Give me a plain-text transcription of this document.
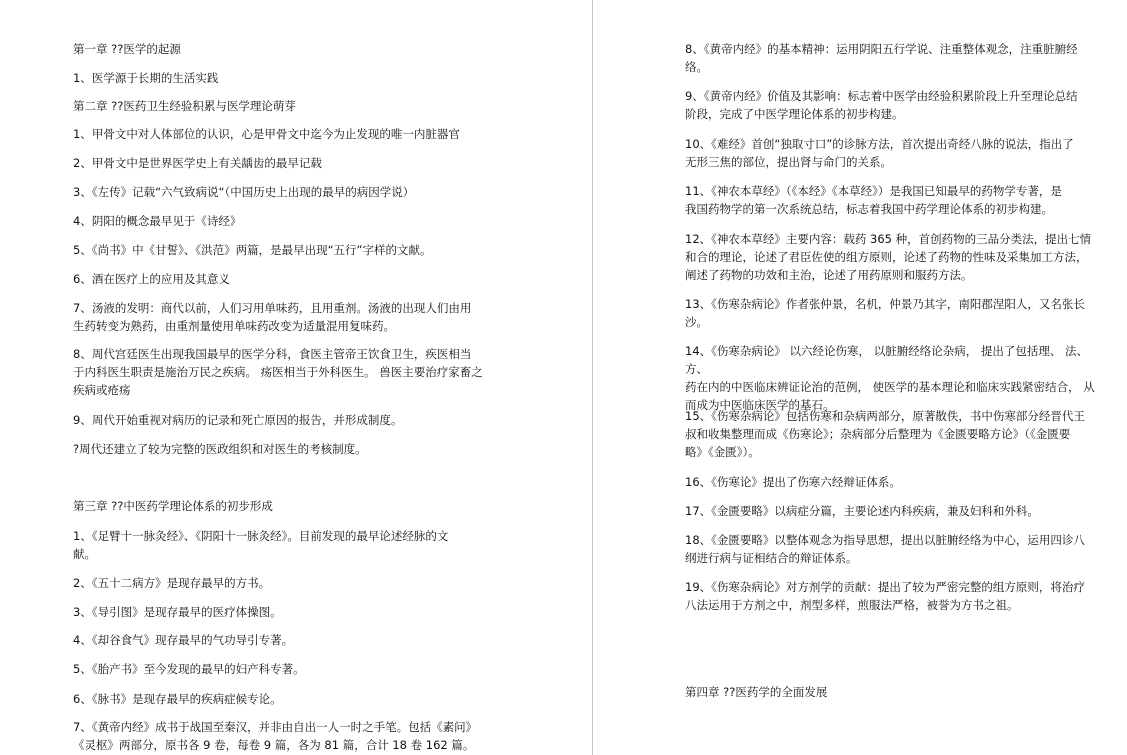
第一章 ??医学的起源
1、医学源于长期的生活实践
第二章 ??医药卫生经验积累与医学理论萌芽
1、甲骨文中对人体部位的认识，心是甲骨文中迄今为止发现的唯一内脏器官
2、甲骨文中是世界医学史上有关龋齿的最早记载
3、《左传》记载“六气致病说“（中国历史上出现的最早的病因学说）
4、阴阳的概念最早见于《诗经》
5、《尚书》中《甘誓》、《洪范》两篇，是最早出现“五行”字样的文献。
6、酒在医疗上的应用及其意义
7、汤液的发明：商代以前，人们习用单味药，且用重剂。汤液的出现人们由用
生药转变为熟药，由重剂量使用单味药改变为适量混用复味药。
8、周代宫廷医生出现我国最早的医学分科，食医主管帝王饮食卫生，疾医相当
于内科医生职责是施治万民之疾病。 疡医相当于外科医生。 兽医主要治疗家畜之
疾病或疮疡
9、周代开始重视对病历的记录和死亡原因的报告，并形成制度。
?周代还建立了较为完整的医政组织和对医生的考核制度。
第三章 ??中医药学理论体系的初步形成
1、《足臂十一脉灸经》、《阴阳十一脉灸经》。目前发现的最早论述经脉的文
献。
2、《五十二病方》是现存最早的方书。
3、《导引图》是现存最早的医疗体操图。
4、《却谷食气》现存最早的气功导引专著。
5、《胎产书》至今发现的最早的妇产科专著。
6、《脉书》是现存最早的疾病症候专论。
7、《黄帝内经》成书于战国至秦汉，并非由自出一人一时之手笔。包括《素问》
《灵枢》两部分，原书各 9 卷，每卷 9 篇，各为 81 篇，合计 18 卷 162 篇。
8、《黄帝内经》的基本精神：运用阴阳五行学说、注重整体观念，注重脏腑经
络。
9、《黄帝内经》价值及其影响：标志着中医学由经验积累阶段上升至理论总结
阶段，完成了中医学理论体系的初步构建。
10、《难经》首创“独取寸口”的诊脉方法，首次提出奇经八脉的说法，指出了
无形三焦的部位，提出肾与命门的关系。
11、《神农本草经》（《本经》《本草经》）是我国已知最早的药物学专著，是
我国药物学的第一次系统总结，标志着我国中药学理论体系的初步构建。
12、《神农本草经》主要内容：载药 365 种，首创药物的三品分类法，提出七情
和合的理论，论述了君臣佐使的组方原则，论述了药物的性味及采集加工方法，
阐述了药物的功效和主治，论述了用药原则和服药方法。
13、《伤寒杂病论》作者张仲景，名机，仲景乃其字，南阳郡涅阳人，又名张长
沙。
14、《伤寒杂病论》 以六经论伤寒， 以脏腑经络论杂病， 提出了包括理、 法、方、
药在内的中医临床辨证论治的范例， 使医学的基本理论和临床实践紧密结合， 从
而成为中医临床医学的基石。
15、《伤寒杂病论》包括伤寒和杂病两部分，原著散佚，书中伤寒部分经晋代王
叔和收集整理而成《伤寒论》；杂病部分后整理为《金匮要略方论》（《金匮要
略》《金匮》）。
16、《伤寒论》提出了伤寒六经辩证体系。
17、《金匮要略》以病症分篇，主要论述内科疾病，兼及妇科和外科。
18、《金匮要略》以整体观念为指导思想，提出以脏腑经络为中心，运用四诊八
纲进行病与证相结合的辩证体系。
19、《伤寒杂病论》对方剂学的贡献：提出了较为严密完整的组方原则，将治疗
八法运用于方剂之中，剂型多样，煎服法严格，被誉为方书之祖。
第四章 ??医药学的全面发展
